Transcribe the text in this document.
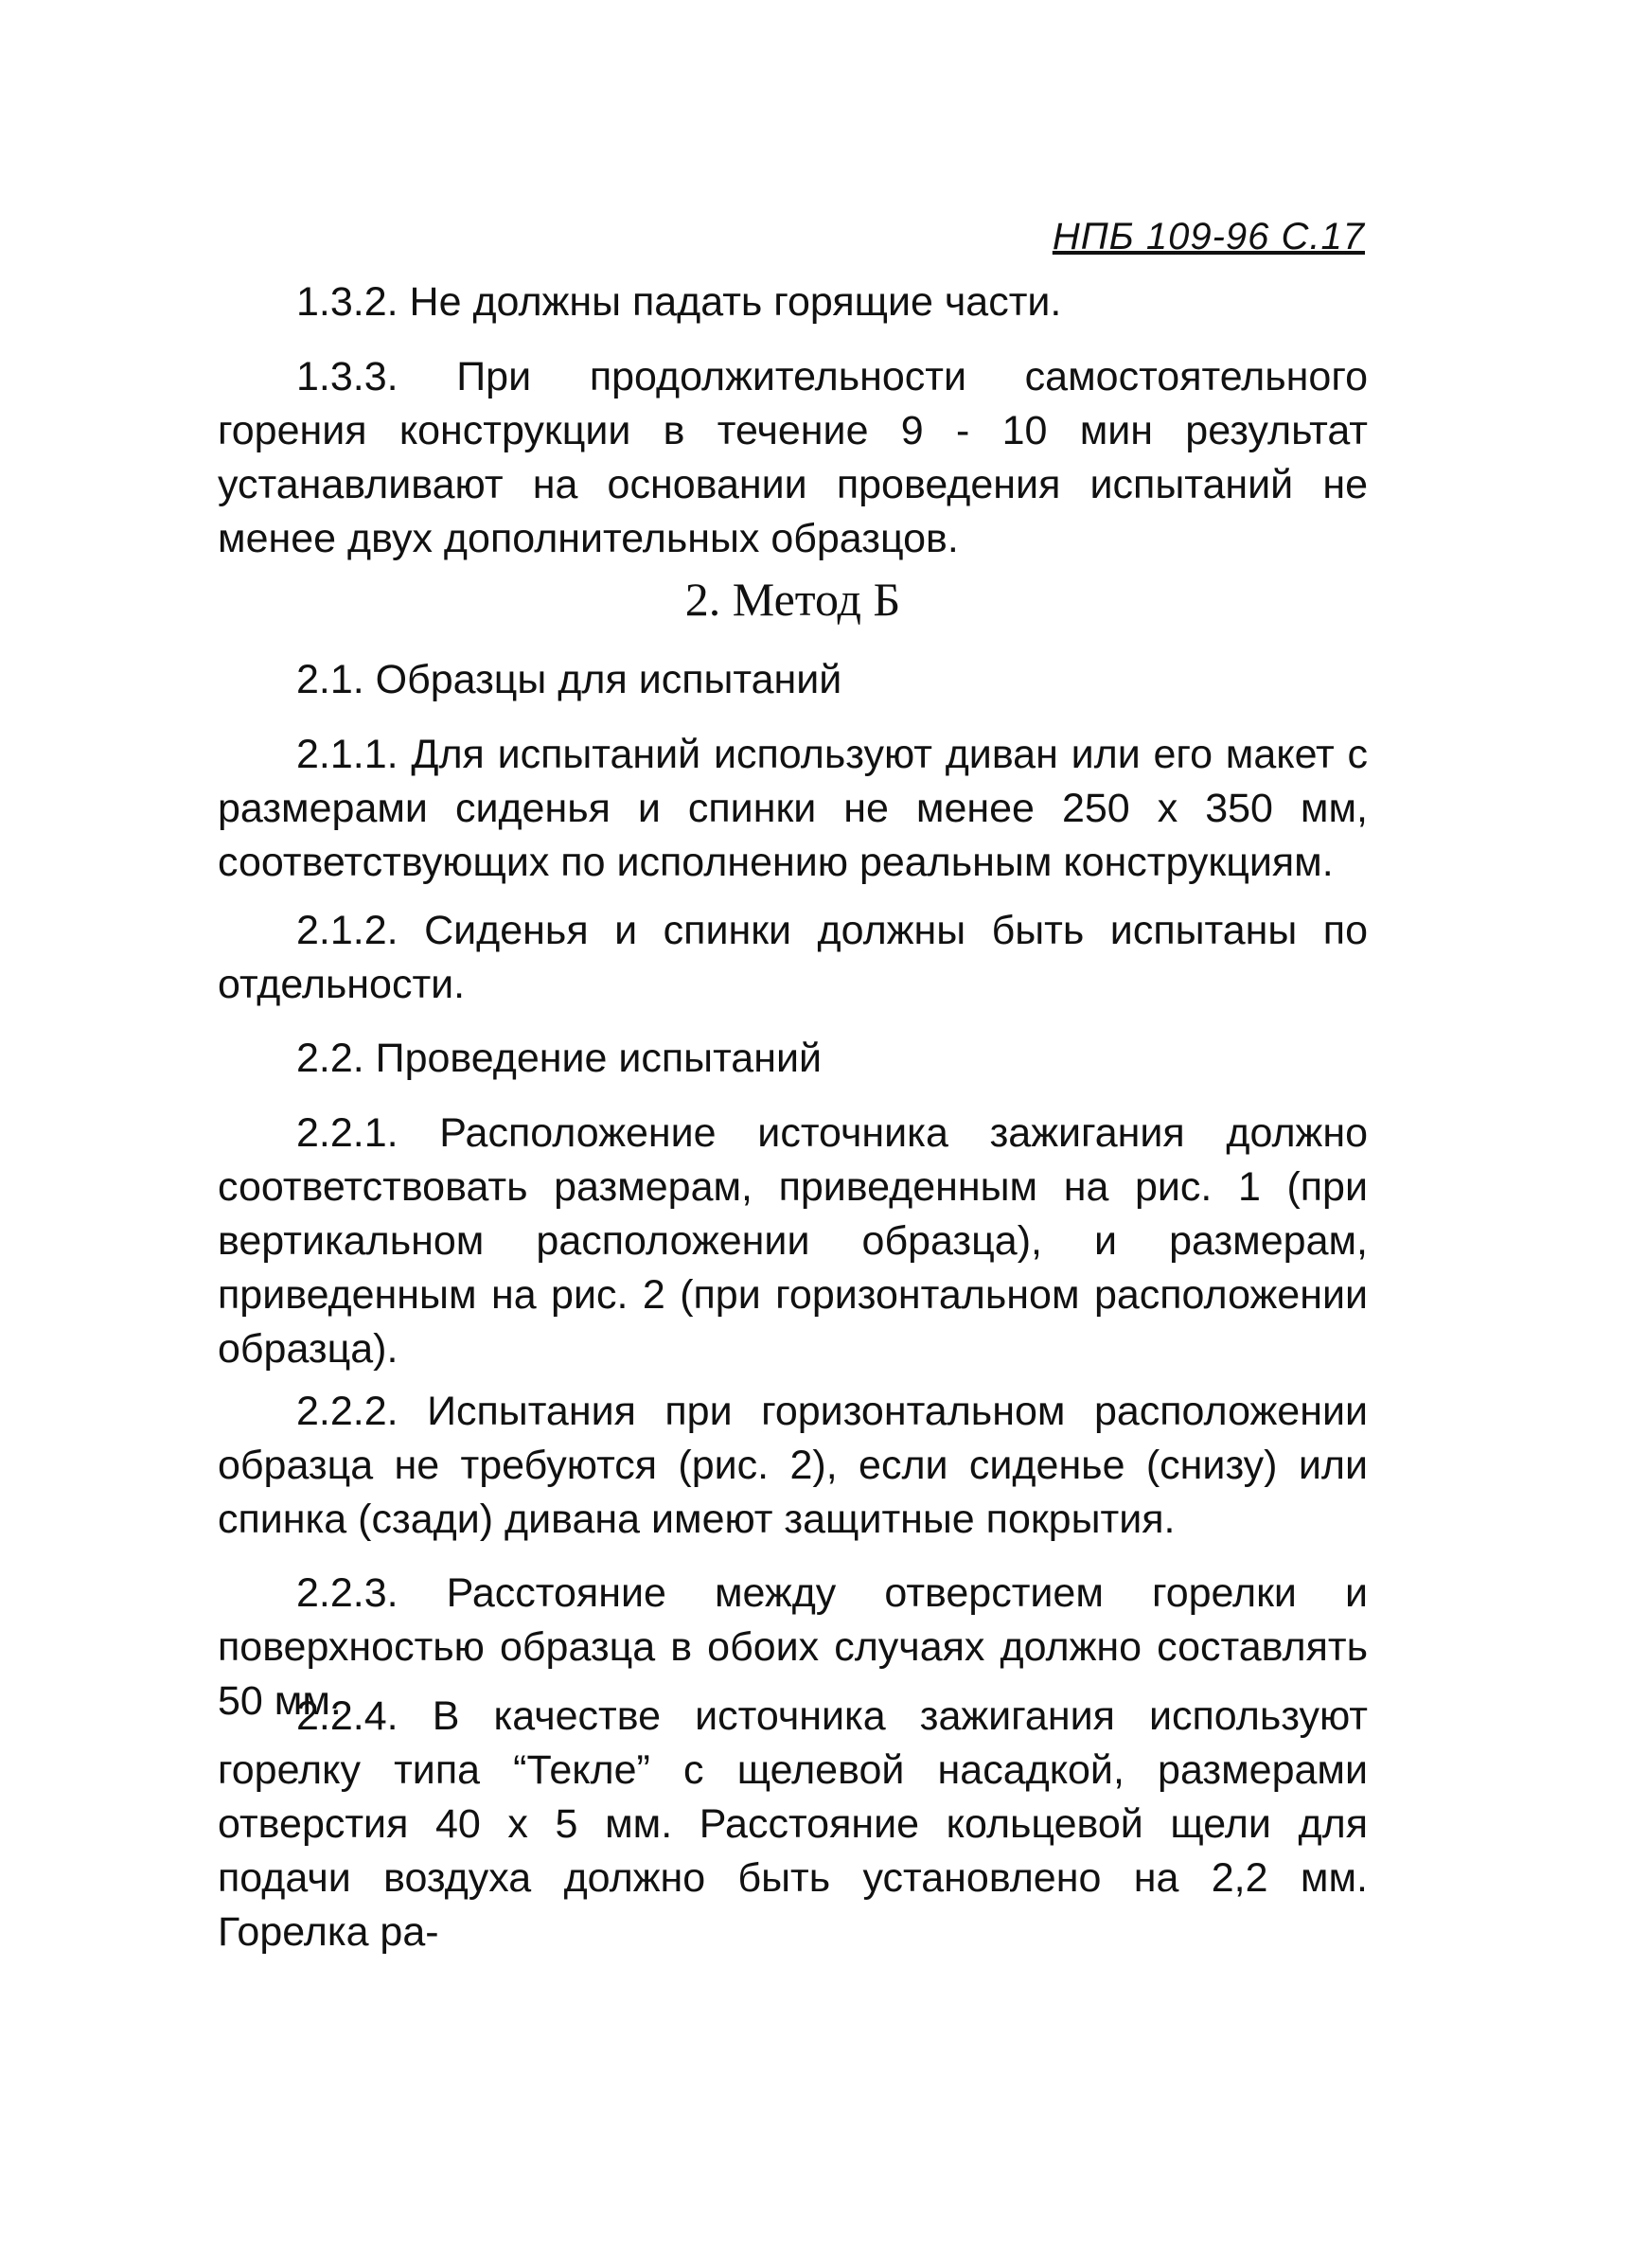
НПБ 109-96 С.17
1.3.2. Не должны падать горящие части.
1.3.3. При продолжительности самостоятельного горения конструкции в течение 9 - 10 мин результат устанавливают на основании проведения испытаний не менее двух дополнительных образцов.
2. Метод Б
2.1. Образцы для испытаний
2.1.1. Для испытаний используют диван или его макет с размерами сиденья и спинки не менее 250 x 350 мм, соответствующих по исполнению реальным конструкциям.
2.1.2. Сиденья и спинки должны быть испытаны по отдельности.
2.2. Проведение испытаний
2.2.1. Расположение источника зажигания должно соответствовать размерам, приведенным на рис. 1 (при вертикальном расположении образца), и размерам, приведенным на рис. 2 (при горизонтальном расположении образца).
2.2.2. Испытания при горизонтальном расположении образца не требуются (рис. 2), если сиденье (снизу) или спинка (сзади) дивана имеют защитные покрытия.
2.2.3. Расстояние между отверстием горелки и поверхностью образца в обоих случаях должно составлять 50 мм.
2.2.4. В качестве источника зажигания используют горелку типа “Текле” с щелевой насадкой, размерами отверстия 40 x 5 мм. Расстояние кольцевой щели для подачи воздуха должно быть установлено на 2,2 мм. Горелка ра-
